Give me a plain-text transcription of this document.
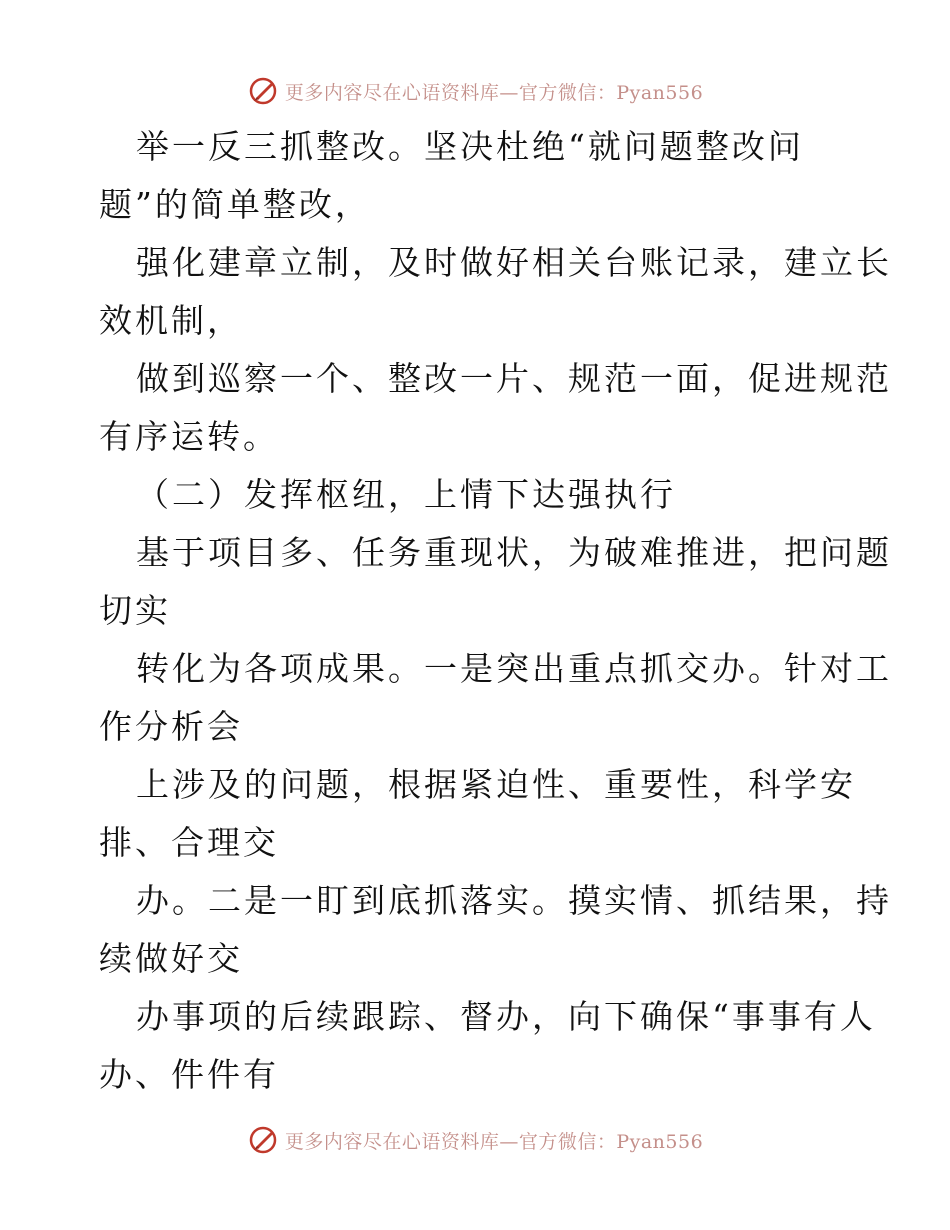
更多内容尽在心语资料库—官方微信：Pyan556
举一反三抓整改。坚决杜绝“就问题整改问
题”的简单整改，
强化建章立制，及时做好相关台账记录，建立长
效机制，
做到巡察一个、整改一片、规范一面，促进规范
有序运转。
（二）发挥枢纽，上情下达强执行
基于项目多、任务重现状，为破难推进，把问题
切实
转化为各项成果。一是突出重点抓交办。针对工
作分析会
上涉及的问题，根据紧迫性、重要性，科学安
排、合理交
办。二是一盯到底抓落实。摸实情、抓结果，持
续做好交
办事项的后续跟踪、督办，向下确保“事事有人
办、件件有
更多内容尽在心语资料库—官方微信：Pyan556
